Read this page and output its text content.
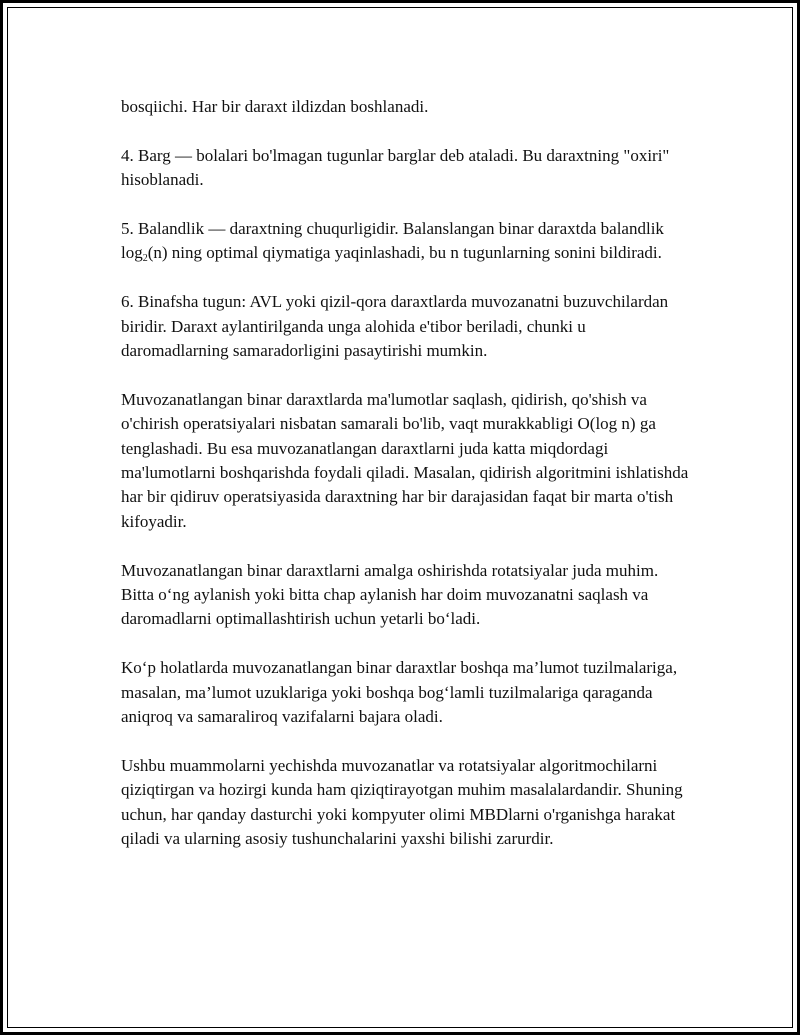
bosqiichi. Har bir daraxt ildizdan boshlanadi.

4. Barg — bolalari bo'lmagan tugunlar barglar deb ataladi. Bu daraxtning "oxiri" hisoblanadi.

5. Balandlik — daraxtning chuqurligidir. Balanslangan binar daraxtda balandlik $\log_2(n)$ ning optimal qiymatiga yaqinlashadi, bu n tugunlarning sonini bildiradi.

6. Binafsha tugun: AVL yoki qizil-qora daraxtlarda muvozanatni buzuvchilardan biridir. Daraxt aylantirilganda unga alohida e'tibor beriladi, chunki u daromadlarning samaradorligini pasaytirishi mumkin.

Muvozanatlangan binar daraxtlarda ma'lumotlar saqlash, qidirish, qo'shish va o'chirish operatsiyalari nisbatan samarali bo'lib, vaqt murakkabligi O(log n) ga tenglashadi. Bu esa muvozanatlangan daraxtlarni juda katta miqdordagi ma'lumotlarni boshqarishda foydali qiladi. Masalan, qidirish algoritmini ishlatishda har bir qidiruv operatsiyasida daraxtning har bir darajasidan faqat bir marta o'tish kifoyadir.

Muvozanatlangan binar daraxtlarni amalga oshirishda rotatsiyalar juda muhim. Bitta o‘ng aylanish yoki bitta chap aylanish har doim muvozanatni saqlash va daromadlarni optimallashtirish uchun yetarli bo‘ladi.

Ko‘p holatlarda muvozanatlangan binar daraxtlar boshqa ma’lumot tuzilmalariga, masalan, ma’lumot uzuklariga yoki boshqa bog‘lamli tuzilmalariga qaraganda aniqroq va samaraliroq vazifalarni bajara oladi.

Ushbu muammolarni yechishda muvozanatlar va rotatsiyalar algoritmochilarni qiziqtirgan va hozirgi kunda ham qiziqtirayotgan muhim masalalardandir. Shuning uchun, har qanday dasturchi yoki kompyuter olimi MBDlarni o'rganishga harakat qiladi va ularning asosiy tushunchalarini yaxshi bilishi zarurdir.
